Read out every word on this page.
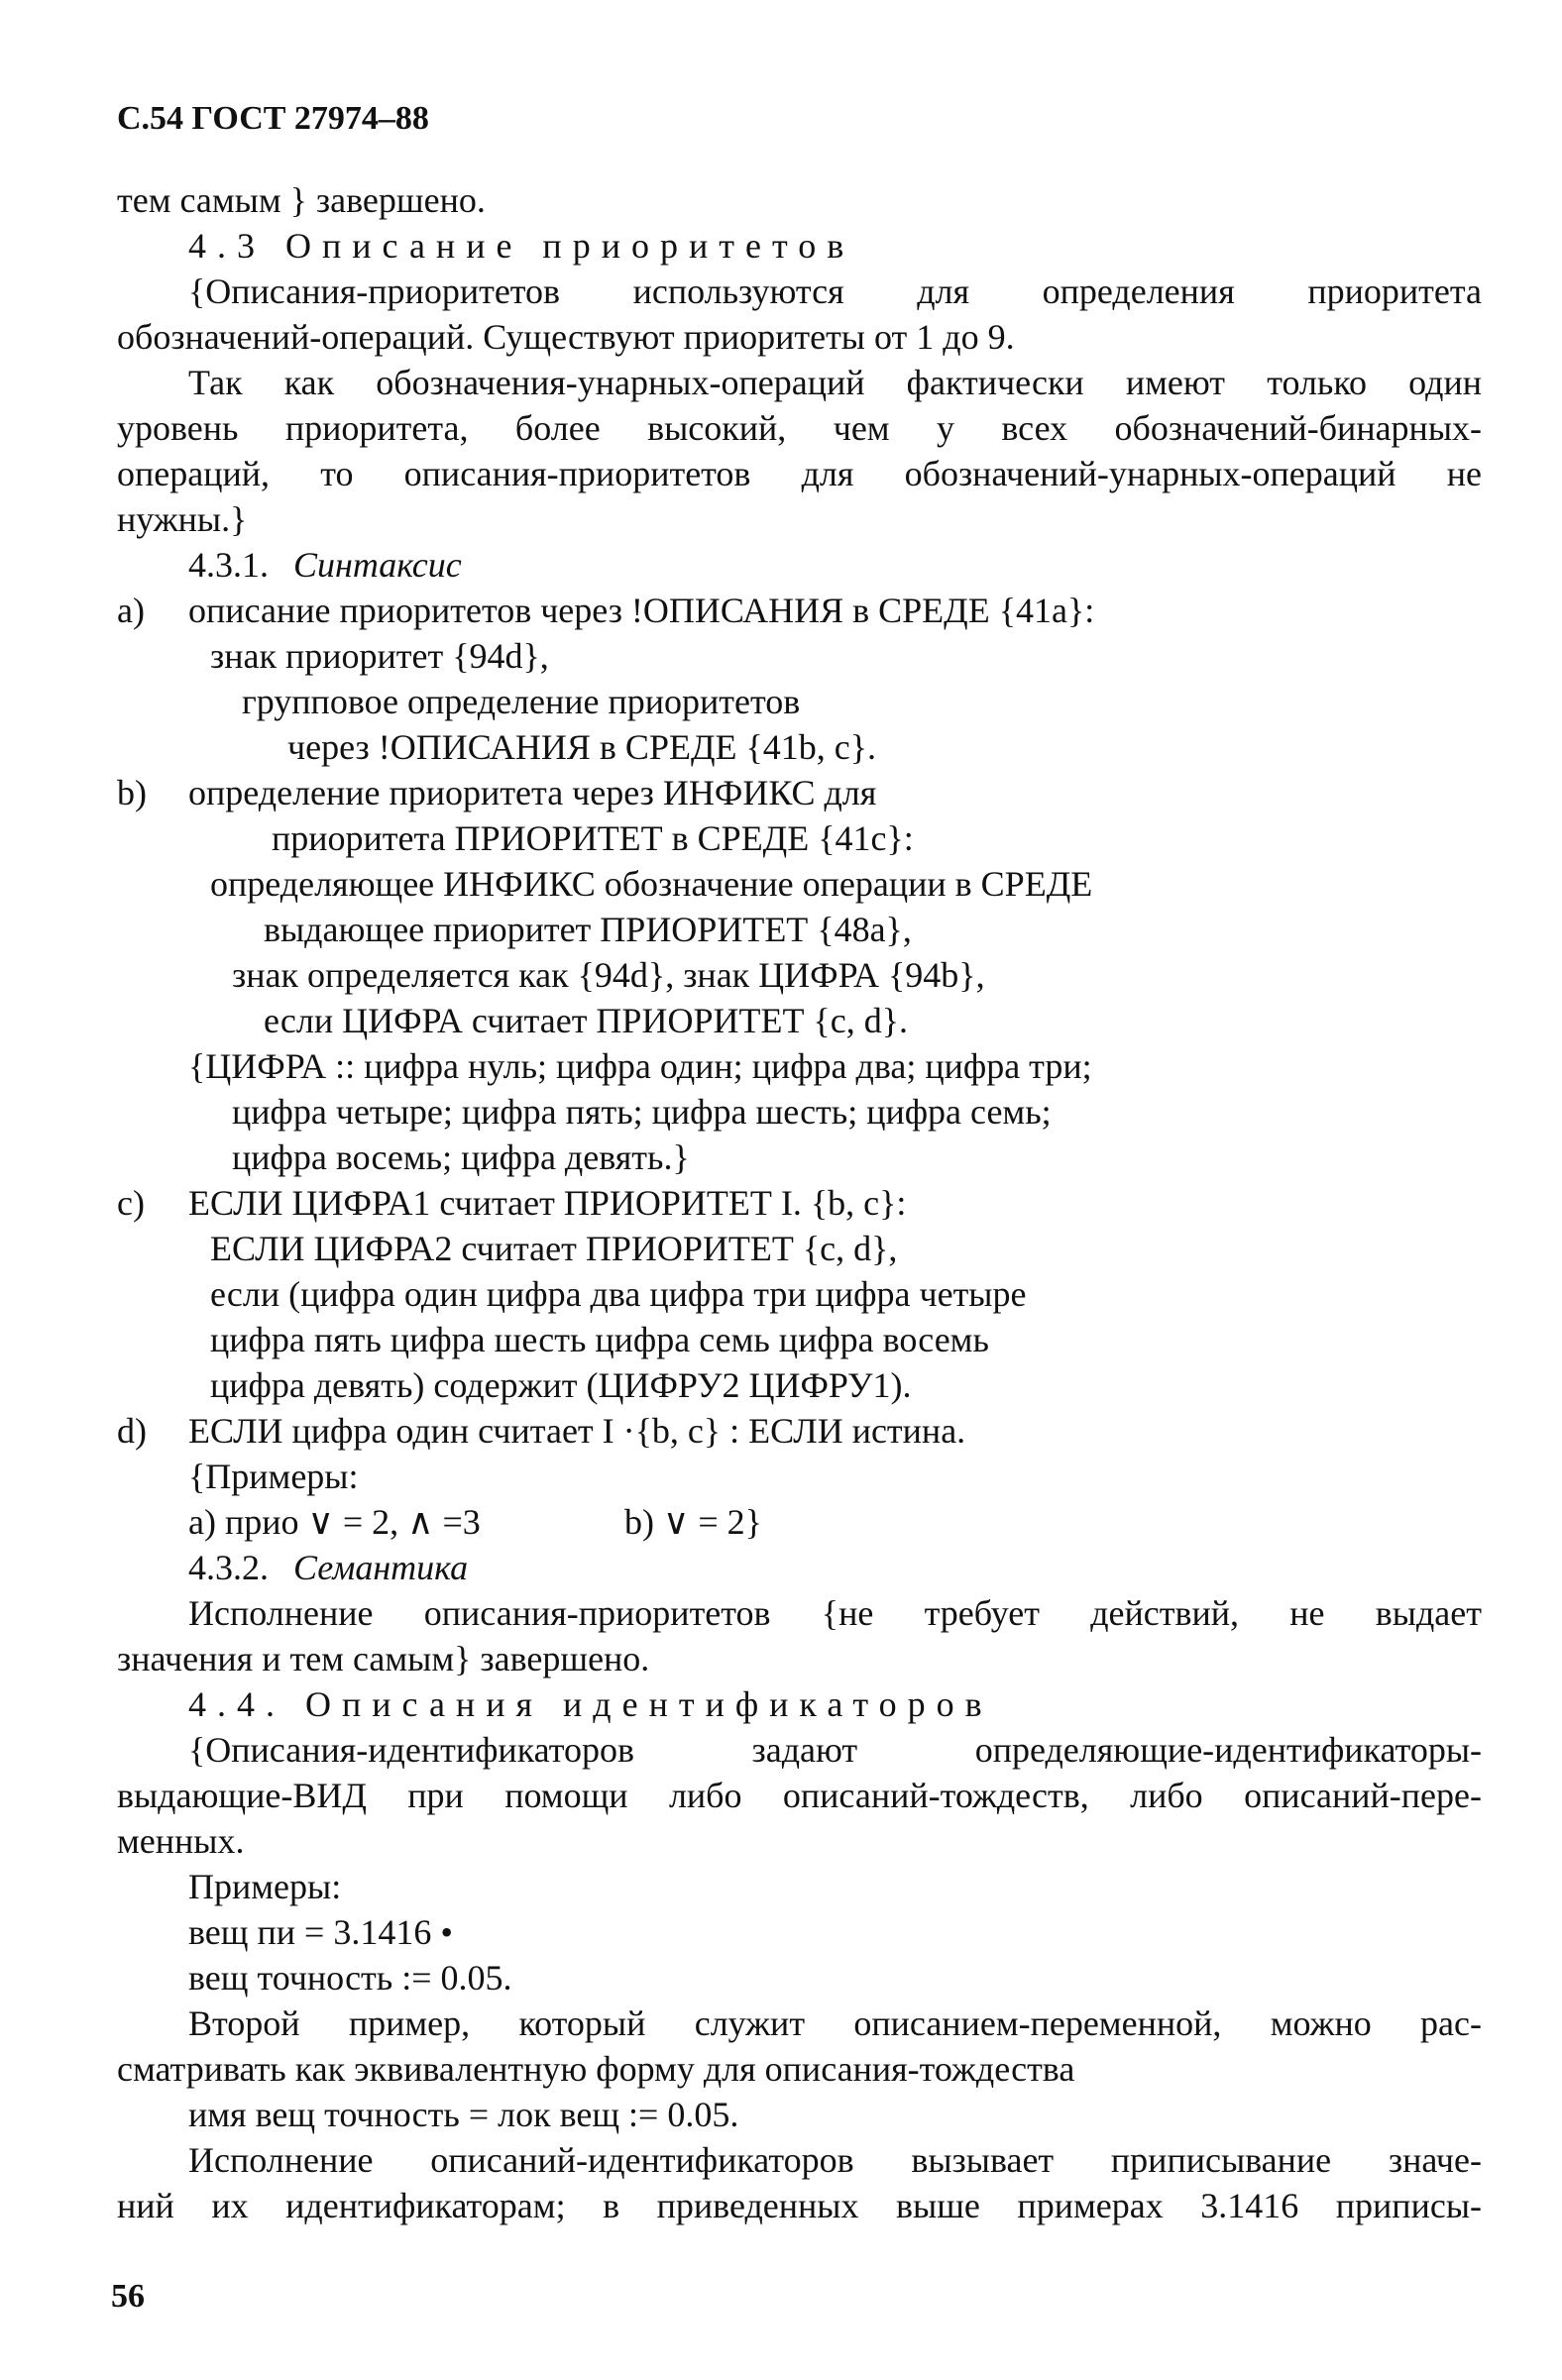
С.54 ГОСТ 27974–88
тем самым } завершено.
4.3 Описание приоритетов
{Описания-приоритетов используются для определения приоритета
обозначений-операций. Существуют приоритеты от 1 до 9.
Так как обозначения-унарных-операций фактически имеют только один
уровень приоритета, более высокий, чем у всех обозначений-бинарных-
операций, то описания-приоритетов для обозначений-унарных-операций не
нужны.}
4.3.1. Синтаксис
а) описание приоритетов через !ОПИСАНИЯ в СРЕДЕ {41а}:
знак приоритет {94d},
групповое определение приоритетов
через !ОПИСАНИЯ в СРЕДЕ {41b, c}.
b) определение приоритета через ИНФИКС для
приоритета ПРИОРИТЕТ в СРЕДЕ {41c}:
определяющее ИНФИКС обозначение операции в СРЕДЕ
выдающее приоритет ПРИОРИТЕТ {48а},
знак определяется как {94d}, знак ЦИФРА {94b},
если ЦИФРА считает ПРИОРИТЕТ {c, d}.
{ЦИФРА :: цифра нуль; цифра один; цифра два; цифра три;
цифра четыре; цифра пять; цифра шесть; цифра семь;
цифра восемь; цифра девять.}
с) ЕСЛИ ЦИФРА1 считает ПРИОРИТЕТ I. {b, c}:
ЕСЛИ ЦИФРА2 считает ПРИОРИТЕТ {c, d},
если (цифра один цифра два цифра три цифра четыре
цифра пять цифра шесть цифра семь цифра восемь
цифра девять) содержит (ЦИФРУ2 ЦИФРУ1).
d) ЕСЛИ цифра один считает I ·{b, c} : ЕСЛИ истина.
{Примеры:
а) прио ∨ = 2, ∧ =3	b) ∨ = 2}
4.3.2. Семантика
Исполнение описания-приоритетов {не требует действий, не выдает
значения и тем самым} завершено.
4.4. Описания идентификаторов
{Описания-идентификаторов задают определяющие-идентификаторы-
выдающие-ВИД при помощи либо описаний-тождеств, либо описаний-пере-
менных.
Примеры:
вещ пи = 3.1416 •
вещ точность := 0.05.
Второй пример, который служит описанием-переменной, можно рас-
сматривать как эквивалентную форму для описания-тождества
имя вещ точность = лок вещ := 0.05.
Исполнение описаний-идентификаторов вызывает приписывание значе-
ний их идентификаторам; в приведенных выше примерах 3.1416 приписы-
56
